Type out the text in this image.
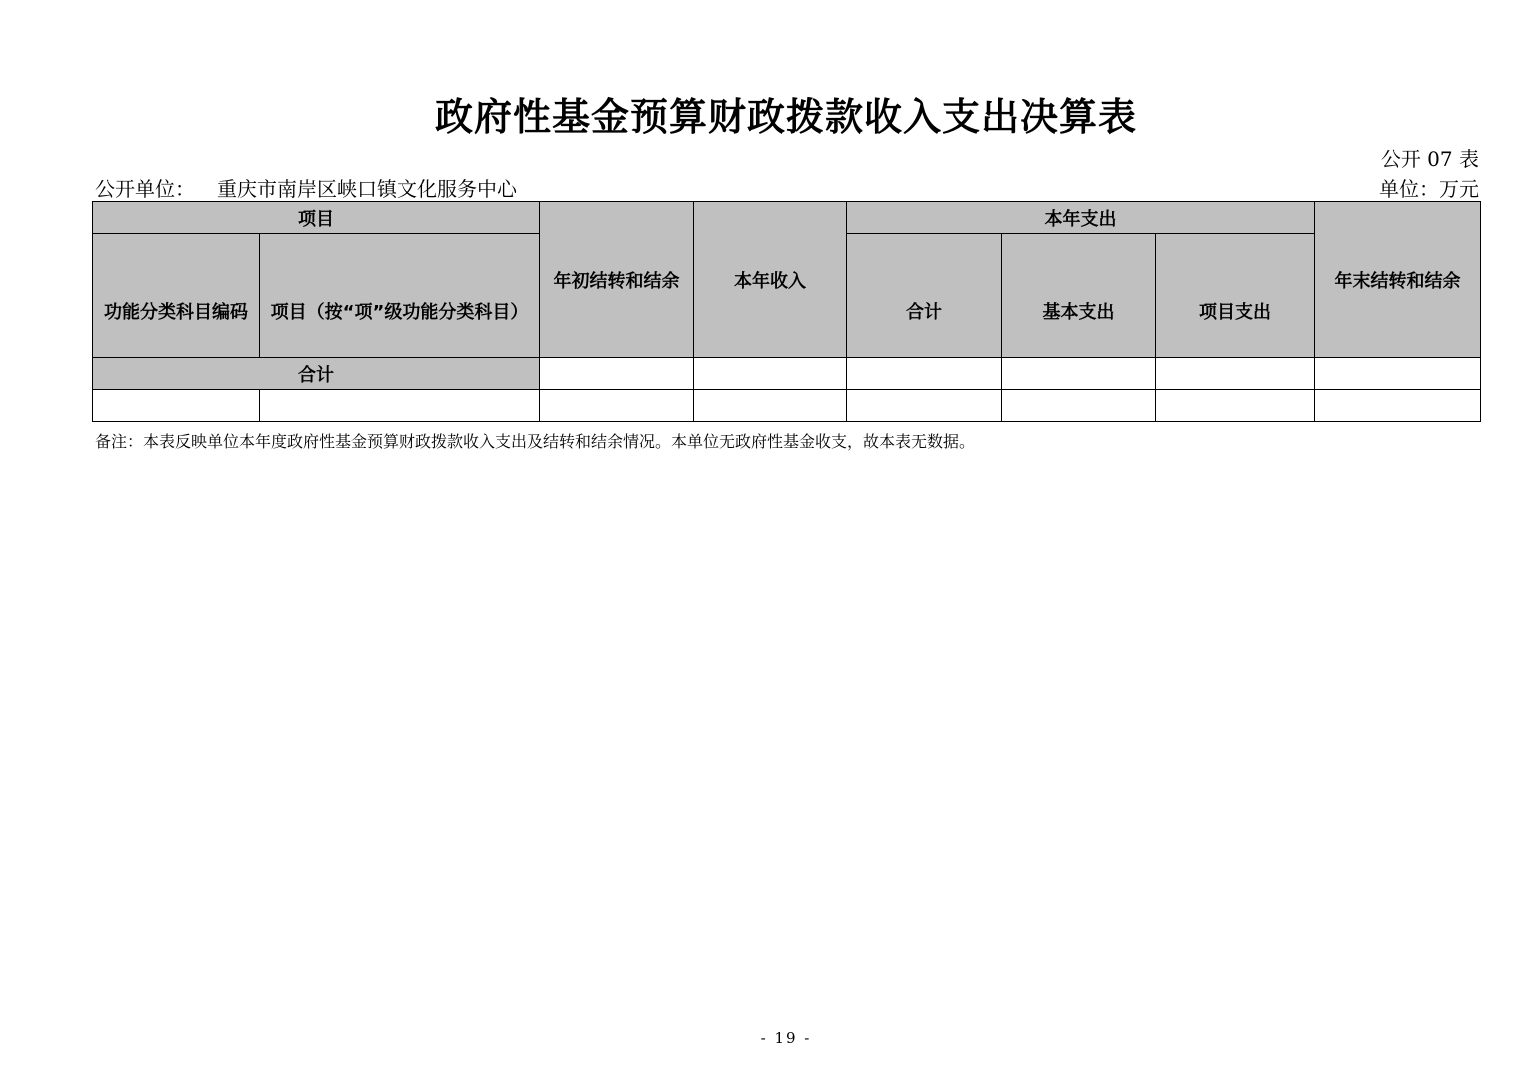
政府性基金预算财政拨款收入支出决算表
公开 07 表
公开单位： 重庆市南岸区峡口镇文化服务中心	单位：万元
项目		年初结转和结余	本年收入	本年支出			年末结转和结余
功能分类科目编码	项目（按“项”级功能分类科目）			合计	基本支出	项目支出	
合计							

备注：本表反映单位本年度政府性基金预算财政拨款收入支出及结转和结余情况。本单位无政府性基金收支，故本表无数据。
- 19 -
